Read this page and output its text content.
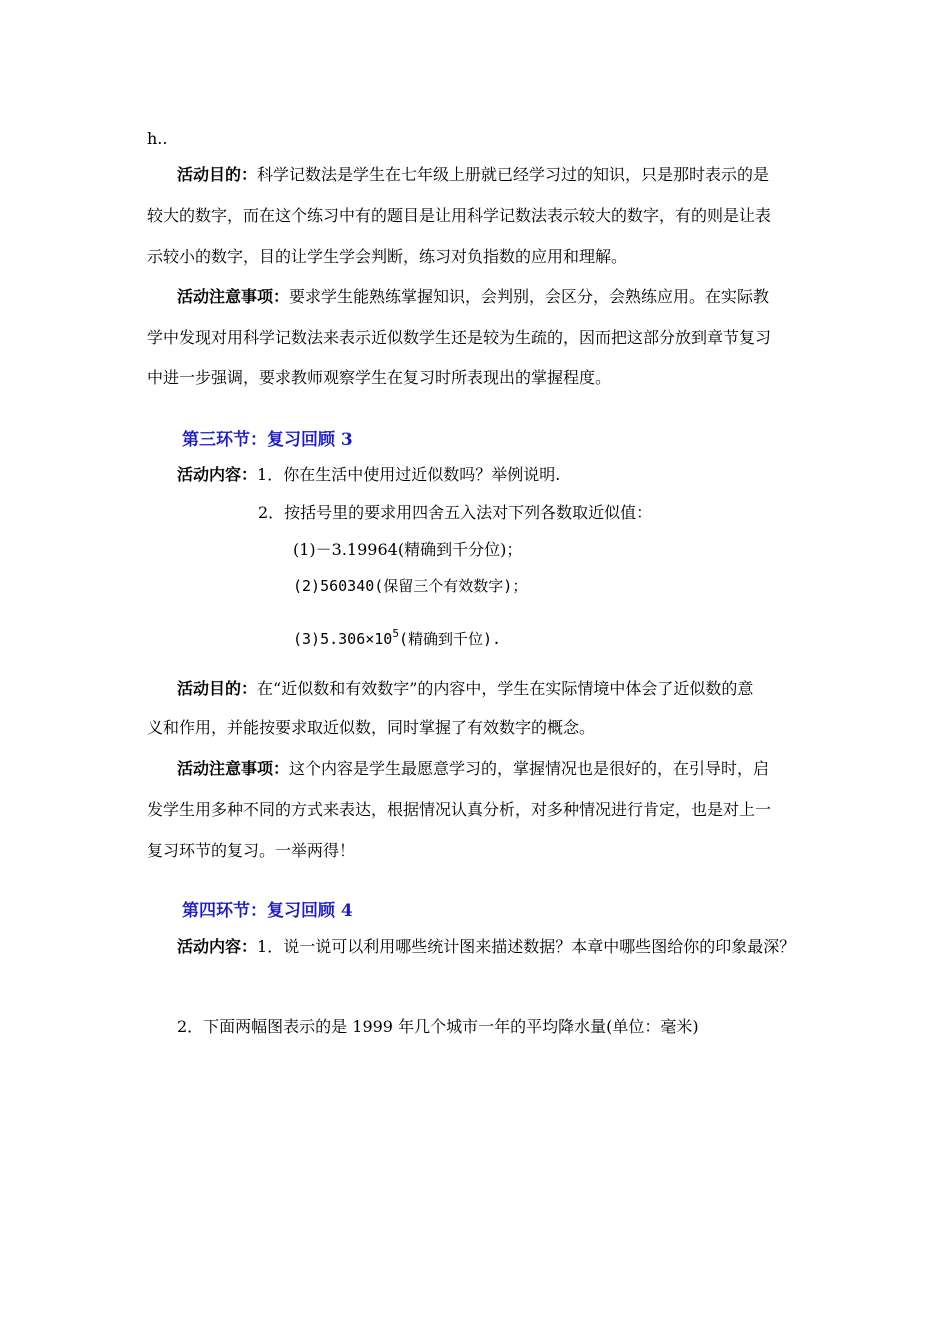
h..
活动目的：科学记数法是学生在七年级上册就已经学习过的知识，只是那时表示的是
较大的数字，而在这个练习中有的题目是让用科学记数法表示较大的数字，有的则是让表
示较小的数字，目的让学生学会判断，练习对负指数的应用和理解。
活动注意事项：要求学生能熟练掌握知识，会判别，会区分，会熟练应用。在实际教
学中发现对用科学记数法来表示近似数学生还是较为生疏的，因而把这部分放到章节复习
中进一步强调，要求教师观察学生在复习时所表现出的掌握程度。
第三环节：复习回顾 3
活动内容：1．你在生活中使用过近似数吗？举例说明.
2．按括号里的要求用四舍五入法对下列各数取近似值：
(1)－3.19964(精确到千分位)；
(2)560340(保留三个有效数字)；
$(3)5.306\times 10^5$(精确到千位).
活动目的：在“近似数和有效数字”的内容中，学生在实际情境中体会了近似数的意
义和作用，并能按要求取近似数，同时掌握了有效数字的概念。
活动注意事项：这个内容是学生最愿意学习的，掌握情况也是很好的，在引导时，启
发学生用多种不同的方式来表达，根据情况认真分析，对多种情况进行肯定，也是对上一
复习环节的复习。一举两得！
第四环节：复习回顾 4
活动内容：1．说一说可以利用哪些统计图来描述数据？本章中哪些图给你的印象最深？
2．下面两幅图表示的是 1999 年几个城市一年的平均降水量(单位：毫米)
